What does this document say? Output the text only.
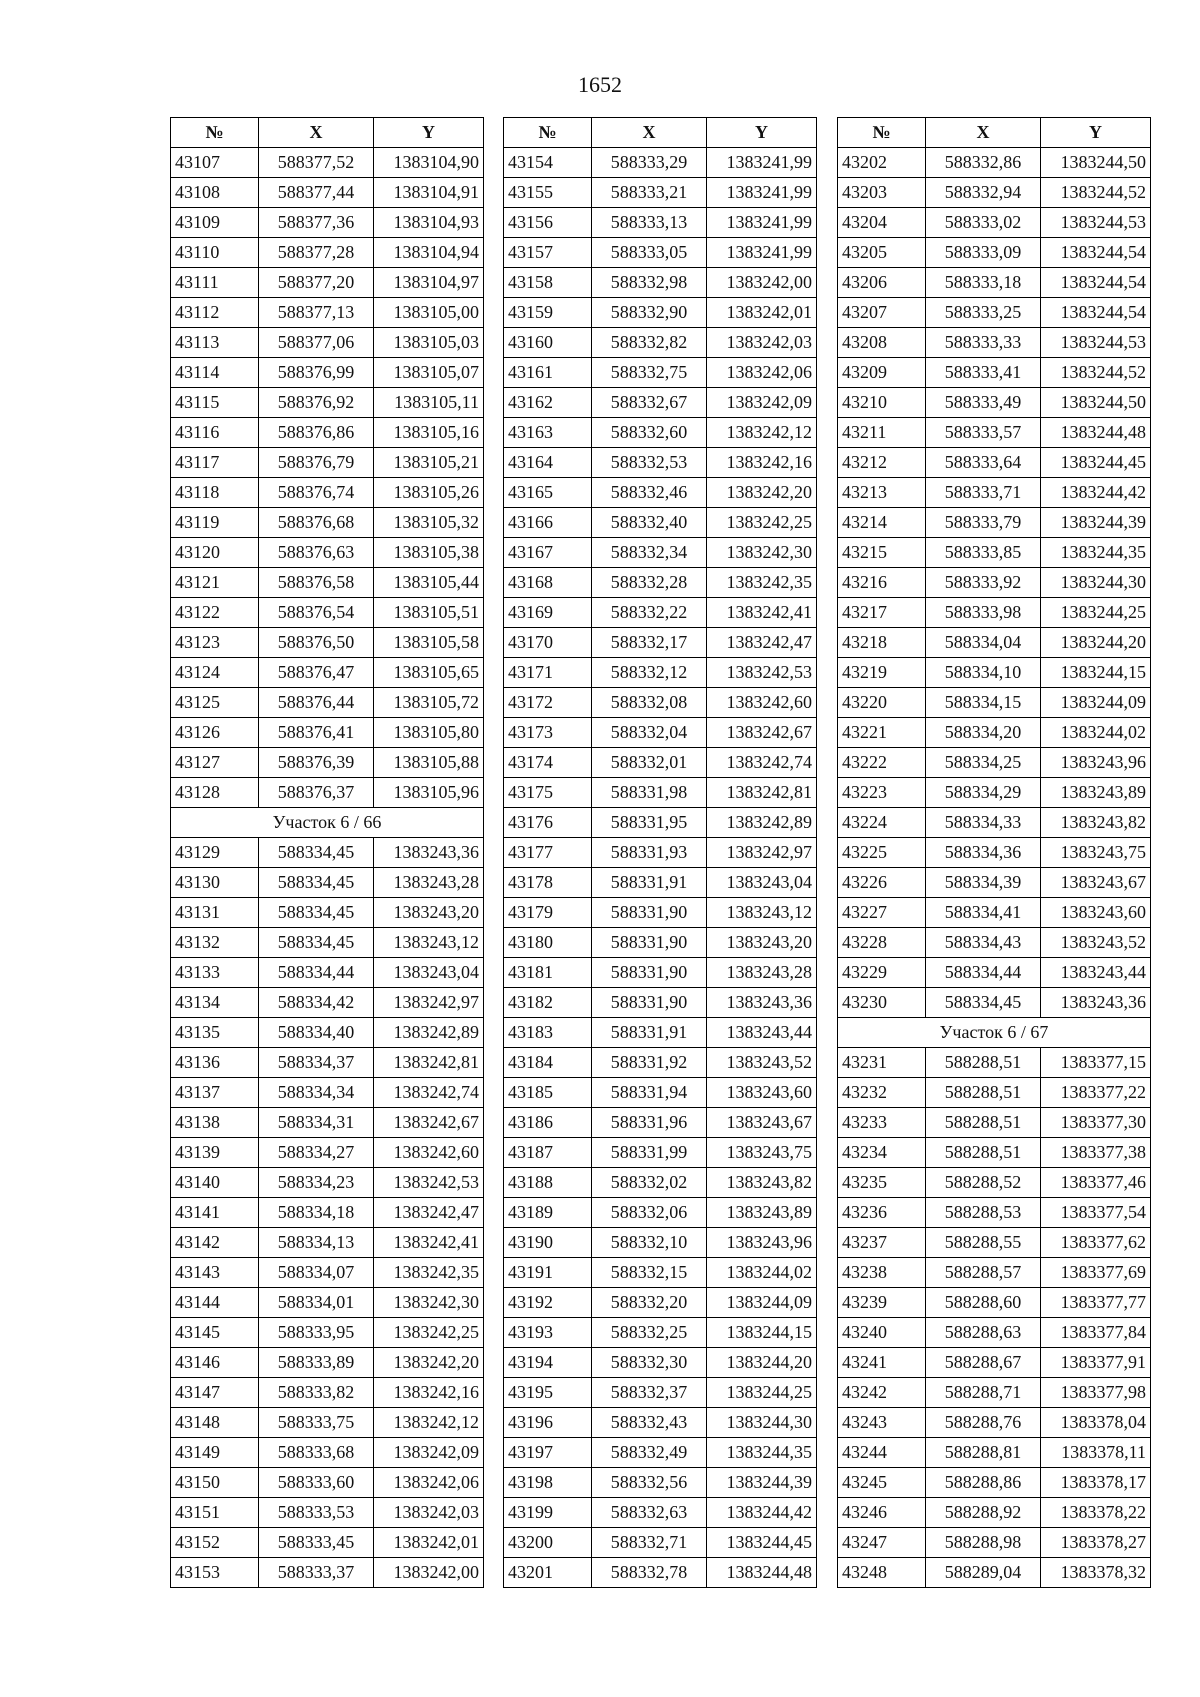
1652
№	X	Y
43107	588377,52	1383104,90
43108	588377,44	1383104,91
43109	588377,36	1383104,93
43110	588377,28	1383104,94
43111	588377,20	1383104,97
43112	588377,13	1383105,00
43113	588377,06	1383105,03
43114	588376,99	1383105,07
43115	588376,92	1383105,11
43116	588376,86	1383105,16
43117	588376,79	1383105,21
43118	588376,74	1383105,26
43119	588376,68	1383105,32
43120	588376,63	1383105,38
43121	588376,58	1383105,44
43122	588376,54	1383105,51
43123	588376,50	1383105,58
43124	588376,47	1383105,65
43125	588376,44	1383105,72
43126	588376,41	1383105,80
43127	588376,39	1383105,88
43128	588376,37	1383105,96
Участок 6 / 66		
43129	588334,45	1383243,36
43130	588334,45	1383243,28
43131	588334,45	1383243,20
43132	588334,45	1383243,12
43133	588334,44	1383243,04
43134	588334,42	1383242,97
43135	588334,40	1383242,89
43136	588334,37	1383242,81
43137	588334,34	1383242,74
43138	588334,31	1383242,67
43139	588334,27	1383242,60
43140	588334,23	1383242,53
43141	588334,18	1383242,47
43142	588334,13	1383242,41
43143	588334,07	1383242,35
43144	588334,01	1383242,30
43145	588333,95	1383242,25
43146	588333,89	1383242,20
43147	588333,82	1383242,16
43148	588333,75	1383242,12
43149	588333,68	1383242,09
43150	588333,60	1383242,06
43151	588333,53	1383242,03
43152	588333,45	1383242,01
43153	588333,37	1383242,00
№	X	Y
43154	588333,29	1383241,99
43155	588333,21	1383241,99
43156	588333,13	1383241,99
43157	588333,05	1383241,99
43158	588332,98	1383242,00
43159	588332,90	1383242,01
43160	588332,82	1383242,03
43161	588332,75	1383242,06
43162	588332,67	1383242,09
43163	588332,60	1383242,12
43164	588332,53	1383242,16
43165	588332,46	1383242,20
43166	588332,40	1383242,25
43167	588332,34	1383242,30
43168	588332,28	1383242,35
43169	588332,22	1383242,41
43170	588332,17	1383242,47
43171	588332,12	1383242,53
43172	588332,08	1383242,60
43173	588332,04	1383242,67
43174	588332,01	1383242,74
43175	588331,98	1383242,81
43176	588331,95	1383242,89
43177	588331,93	1383242,97
43178	588331,91	1383243,04
43179	588331,90	1383243,12
43180	588331,90	1383243,20
43181	588331,90	1383243,28
43182	588331,90	1383243,36
43183	588331,91	1383243,44
43184	588331,92	1383243,52
43185	588331,94	1383243,60
43186	588331,96	1383243,67
43187	588331,99	1383243,75
43188	588332,02	1383243,82
43189	588332,06	1383243,89
43190	588332,10	1383243,96
43191	588332,15	1383244,02
43192	588332,20	1383244,09
43193	588332,25	1383244,15
43194	588332,30	1383244,20
43195	588332,37	1383244,25
43196	588332,43	1383244,30
43197	588332,49	1383244,35
43198	588332,56	1383244,39
43199	588332,63	1383244,42
43200	588332,71	1383244,45
43201	588332,78	1383244,48
№	X	Y
43202	588332,86	1383244,50
43203	588332,94	1383244,52
43204	588333,02	1383244,53
43205	588333,09	1383244,54
43206	588333,18	1383244,54
43207	588333,25	1383244,54
43208	588333,33	1383244,53
43209	588333,41	1383244,52
43210	588333,49	1383244,50
43211	588333,57	1383244,48
43212	588333,64	1383244,45
43213	588333,71	1383244,42
43214	588333,79	1383244,39
43215	588333,85	1383244,35
43216	588333,92	1383244,30
43217	588333,98	1383244,25
43218	588334,04	1383244,20
43219	588334,10	1383244,15
43220	588334,15	1383244,09
43221	588334,20	1383244,02
43222	588334,25	1383243,96
43223	588334,29	1383243,89
43224	588334,33	1383243,82
43225	588334,36	1383243,75
43226	588334,39	1383243,67
43227	588334,41	1383243,60
43228	588334,43	1383243,52
43229	588334,44	1383243,44
43230	588334,45	1383243,36
Участок 6 / 67		
43231	588288,51	1383377,15
43232	588288,51	1383377,22
43233	588288,51	1383377,30
43234	588288,51	1383377,38
43235	588288,52	1383377,46
43236	588288,53	1383377,54
43237	588288,55	1383377,62
43238	588288,57	1383377,69
43239	588288,60	1383377,77
43240	588288,63	1383377,84
43241	588288,67	1383377,91
43242	588288,71	1383377,98
43243	588288,76	1383378,04
43244	588288,81	1383378,11
43245	588288,86	1383378,17
43246	588288,92	1383378,22
43247	588288,98	1383378,27
43248	588289,04	1383378,32
